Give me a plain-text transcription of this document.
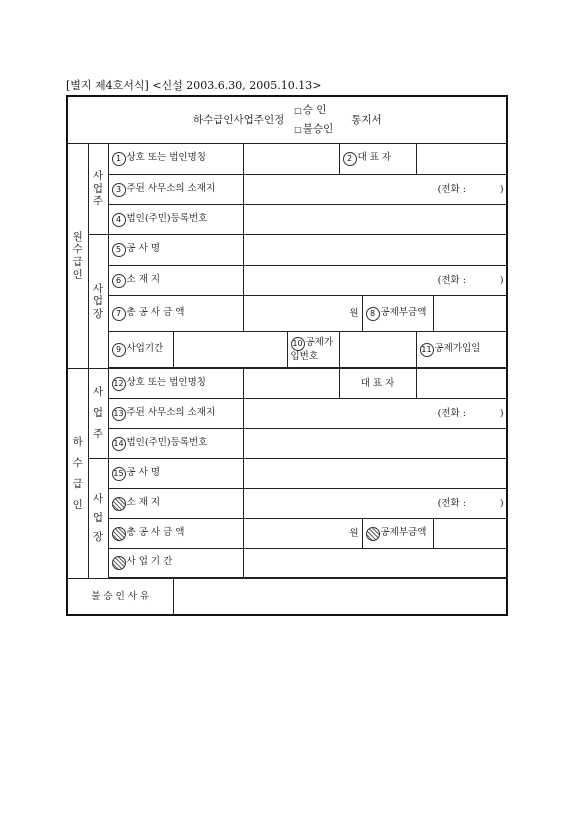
[별지 제4호서식] <신설 2003.6.30, 2005.10.13>
하수급인사업주인정
□승 인
□불승인
통지서										

원수급인	사업주	1 상호 또는 법인명칭				2 대 표 자				
		3 주된 사무소의 소재지		(전화 : )						
		4 법인(주민)등록번호								

	사업장	5 공 사 명								
		6 소 재 지		(전화 : )						
		7 총 공 사 금 액		원			8 공제부금액			
		9 사업기간			10 공제가입번호			11 공제가입일		

하수급인	사업주	12 상호 또는 법인명칭				대 표 자				
		13 주된 사무소의 소재지		(전화 : )						
		14 법인(주민)등록번호								

	사업장	15 공 사 명								
		소 재 지		(전화 : )						
		총 공 사 금 액		원			공제부금액			
		사 업 기 간								

불 승 인 사 유										
